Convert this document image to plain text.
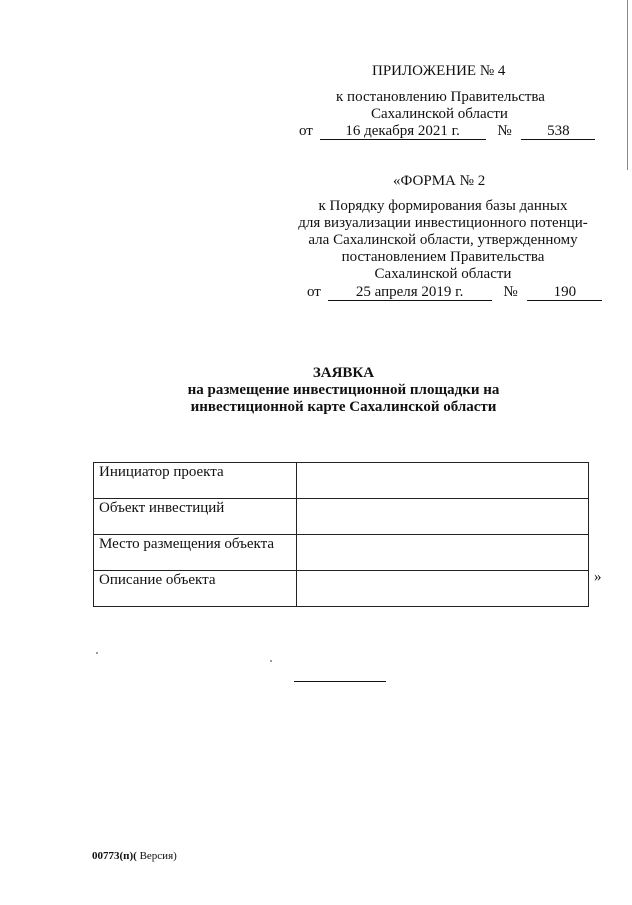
ПРИЛОЖЕНИЕ № 4
к постановлению Правительства
Сахалинской области
от 16 декабря 2021 г.	№ 538
«ФОРМА № 2
к Порядку формирования базы данных
для визуализации инвестиционного потенци-
ала Сахалинской области, утвержденному
постановлением Правительства
Сахалинской области
от 25 апреля 2019 г.	№ 190
ЗАЯВКА
на размещение инвестиционной площадки на
инвестиционной карте Сахалинской области
Инициатор проекта	
Объект инвестиций	
Место размещения объекта	
Описание объекта		»
00773(п)( Версия)
